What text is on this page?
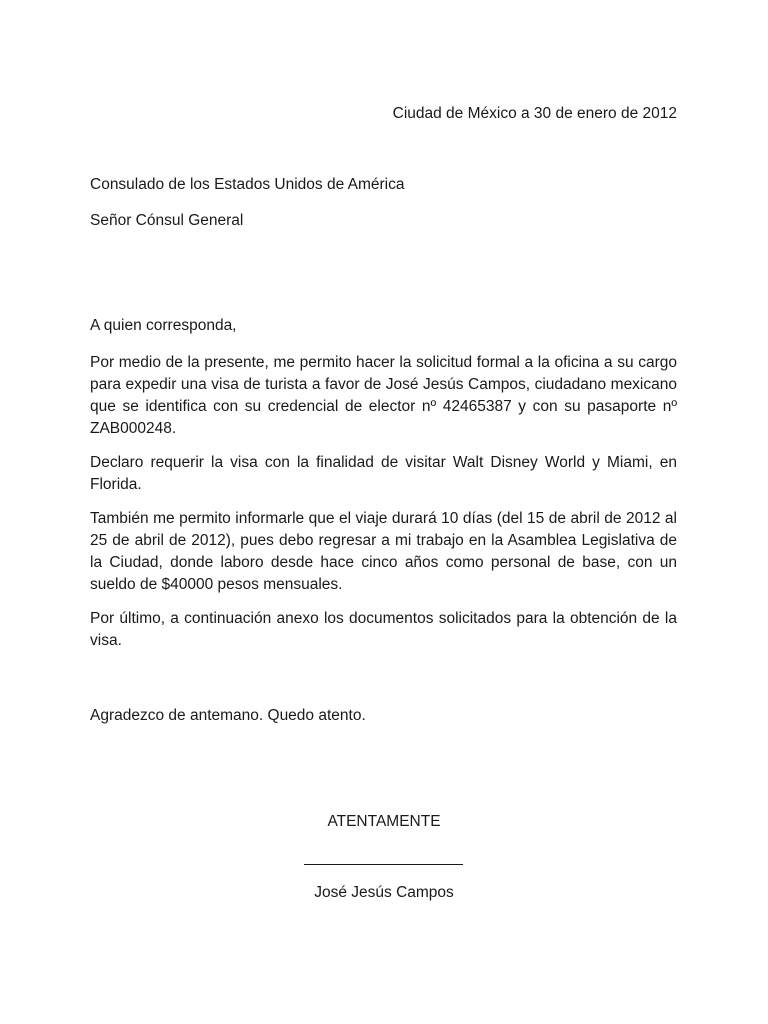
Ciudad de México a 30 de enero de 2012
Consulado de los Estados Unidos de América
Señor Cónsul General
A quien corresponda,

Por medio de la presente, me permito hacer la solicitud formal a la oficina a su cargo para expedir una visa de turista a favor de José Jesús Campos, ciudadano mexicano que se identifica con su credencial de elector nº 42465387 y con su pasaporte nº ZAB000248.

Declaro requerir la visa con la finalidad de visitar Walt Disney World y Miami, en Florida.

También me permito informarle que el viaje durará 10 días (del 15 de abril de 2012 al 25 de abril de 2012), pues debo regresar a mi trabajo en la Asamblea Legislativa de la Ciudad, donde laboro desde hace cinco años como personal de base, con un sueldo de $40000 pesos mensuales.

Por último, a continuación anexo los documentos solicitados para la obtención de la visa.

Agradezco de antemano. Quedo atento.
ATENTAMENTE
José Jesús Campos
